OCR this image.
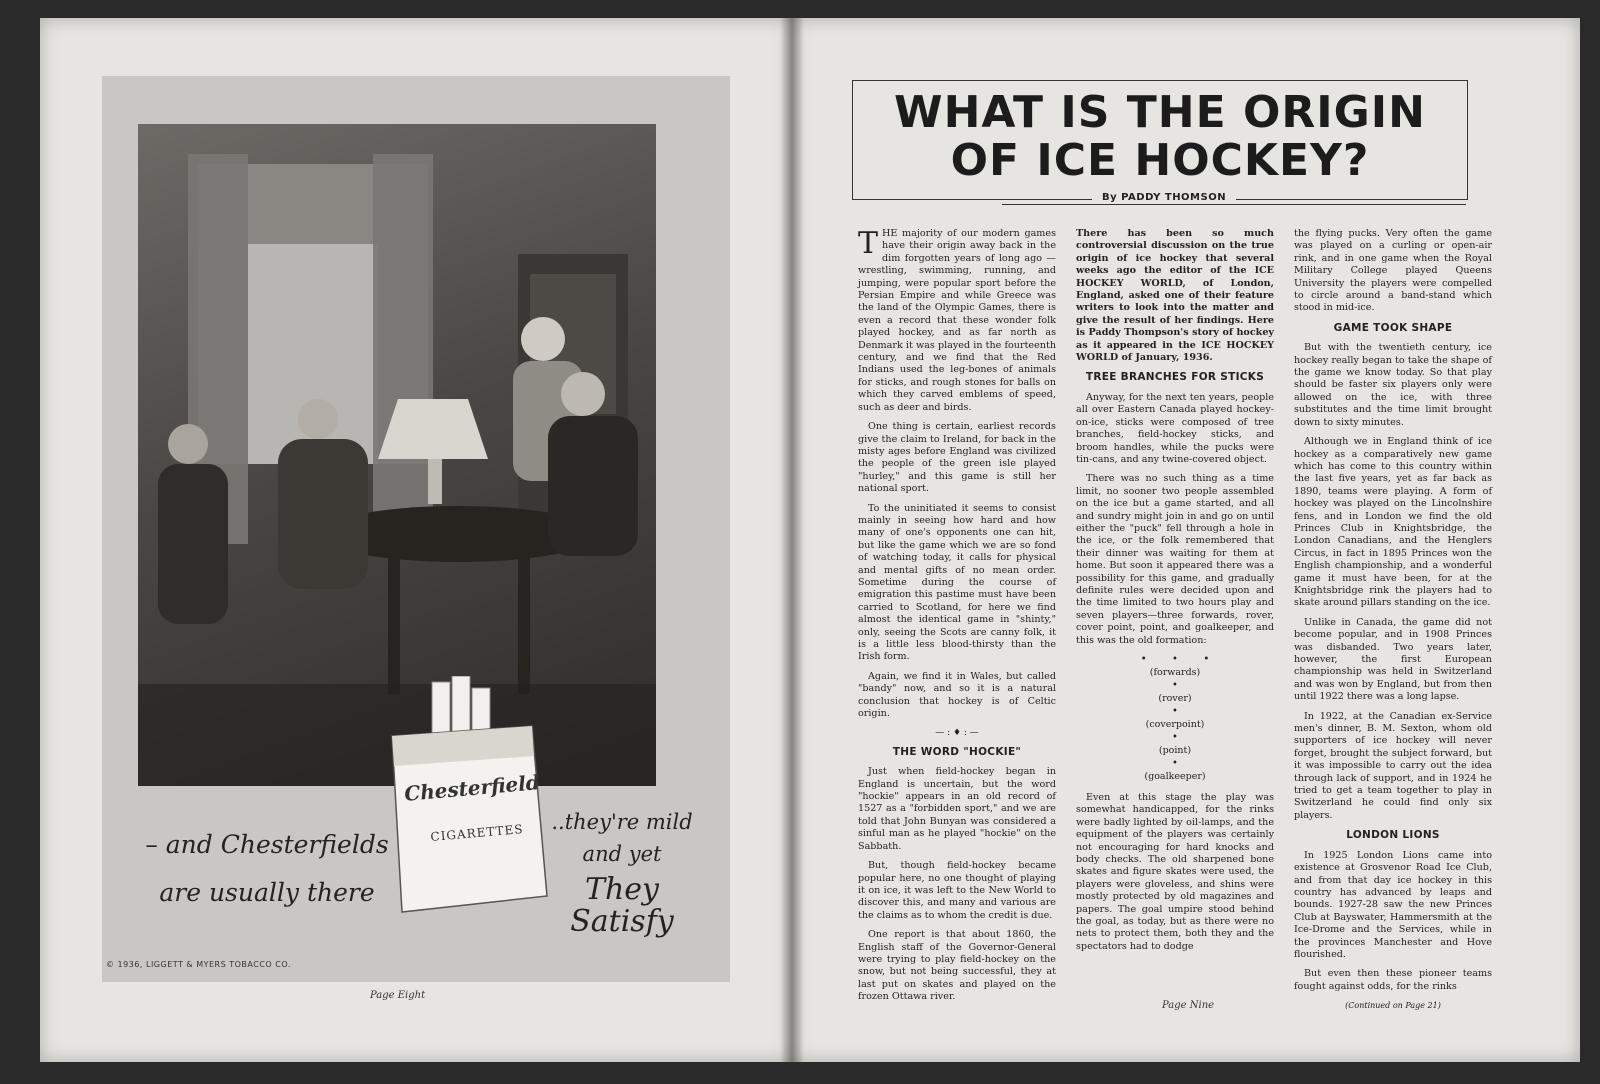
– and Chesterfields are usually there
Chesterfield
CIGARETTES	..they're mild
and yet
They Satisfy
© 1936, LIGGETT & MYERS TOBACCO CO.
Page Eight
WHAT IS THE ORIGIN
OF ICE HOCKEY?
By PADDY THOMSON

THE majority of our modern games have their origin away back in the dim forgotten years of long ago — wrestling, swimming, running, and jumping, were popular sport before the Persian Empire and while Greece was the land of the Olympic Games, there is even a record that these wonder folk played hockey, and as far north as Denmark it was played in the fourteenth century, and we find that the Red Indians used the leg-bones of animals for sticks, and rough stones for balls on which they carved emblems of speed, such as deer and birds.

One thing is certain, earliest records give the claim to Ireland, for back in the misty ages before England was civilized the people of the green isle played "hurley," and this game is still her national sport.

To the uninitiated it seems to consist mainly in seeing how hard and how many of one's opponents one can hit, but like the game which we are so fond of watching today, it calls for physical and mental gifts of no mean order. Sometime during the course of emigration this pastime must have been carried to Scotland, for here we find almost the identical game in "shinty," only, seeing the Scots are canny folk, it is a little less blood-thirsty than the Irish form.

Again, we find it in Wales, but called "bandy" now, and so it is a natural conclusion that hockey is of Celtic origin.

— : ♦ : —
THE WORD "HOCKIE"

Just when field-hockey began in England is uncertain, but the word "hockie" appears in an old record of 1527 as a "forbidden sport," and we are told that John Bunyan was considered a sinful man as he played "hockie" on the Sabbath.

But, though field-hockey became popular here, no one thought of playing it on ice, it was left to the New World to discover this, and many and various are the claims as to whom the credit is due.

One report is that about 1860, the English staff of the Governor-General were trying to play field-hockey on the snow, but not being successful, they at last put on skates and played on the frozen Ottawa river.

There has been so much controversial discussion on the true origin of ice hockey that several weeks ago the editor of the ICE HOCKEY WORLD, of London, England, asked one of their feature writers to look into the matter and give the result of her findings. Here is Paddy Thompson's story of hockey as it appeared in the ICE HOCKEY WORLD of January, 1936.

TREE BRANCHES FOR STICKS

Anyway, for the next ten years, people all over Eastern Canada played hockey-on-ice, sticks were composed of tree branches, field-hockey sticks, and broom handles, while the pucks were tin-cans, and any twine-covered object.

There was no such thing as a time limit, no sooner two people assembled on the ice but a game started, and all and sundry might join in and go on until either the "puck" fell through a hole in the ice, or the folk remembered that their dinner was waiting for them at home. But soon it appeared there was a possibility for this game, and gradually definite rules were decided upon and the time limited to two hours play and seven players—three forwards, rover, cover point, point, and goalkeeper, and this was the old formation:

•        •        •
(forwards)
•
(rover)
•
(coverpoint)
•
(point)
•
(goalkeeper)

Even at this stage the play was somewhat handicapped, for the rinks were badly lighted by oil-lamps, and the equipment of the players was certainly not encouraging for hard knocks and body checks. The old sharpened bone skates and figure skates were used, the players were gloveless, and shins were mostly protected by old magazines and papers. The goal umpire stood behind the goal, as today, but as there were no nets to protect them, both they and the spectators had to dodge

the flying pucks. Very often the game was played on a curling or open-air rink, and in one game when the Royal Military College played Queens University the players were compelled to circle around a band-stand which stood in mid-ice.

GAME TOOK SHAPE

But with the twentieth century, ice hockey really began to take the shape of the game we know today. So that play should be faster six players only were allowed on the ice, with three substitutes and the time limit brought down to sixty minutes.

Although we in England think of ice hockey as a comparatively new game which has come to this country within the last five years, yet as far back as 1890, teams were playing. A form of hockey was played on the Lincolnshire fens, and in London we find the old Princes Club in Knightsbridge, the London Canadians, and the Henglers Circus, in fact in 1895 Princes won the English championship, and a wonderful game it must have been, for at the Knightsbridge rink the players had to skate around pillars standing on the ice.

Unlike in Canada, the game did not become popular, and in 1908 Princes was disbanded. Two years later, however, the first European championship was held in Switzerland and was won by England, but from then until 1922 there was a long lapse.

In 1922, at the Canadian ex-Service men's dinner, B. M. Sexton, whom old supporters of ice hockey will never forget, brought the subject forward, but it was impossible to carry out the idea through lack of support, and in 1924 he tried to get a team together to play in Switzerland he could find only six players.

LONDON LIONS

In 1925 London Lions came into existence at Grosvenor Road Ice Club, and from that day ice hockey in this country has advanced by leaps and bounds. 1927-28 saw the new Princes Club at Bayswater, Hammersmith at the Ice-Drome and the Services, while in the provinces Manchester and Hove flourished.

But even then these pioneer teams fought against odds, for the rinks

(Continued on Page 21)
Page Nine
